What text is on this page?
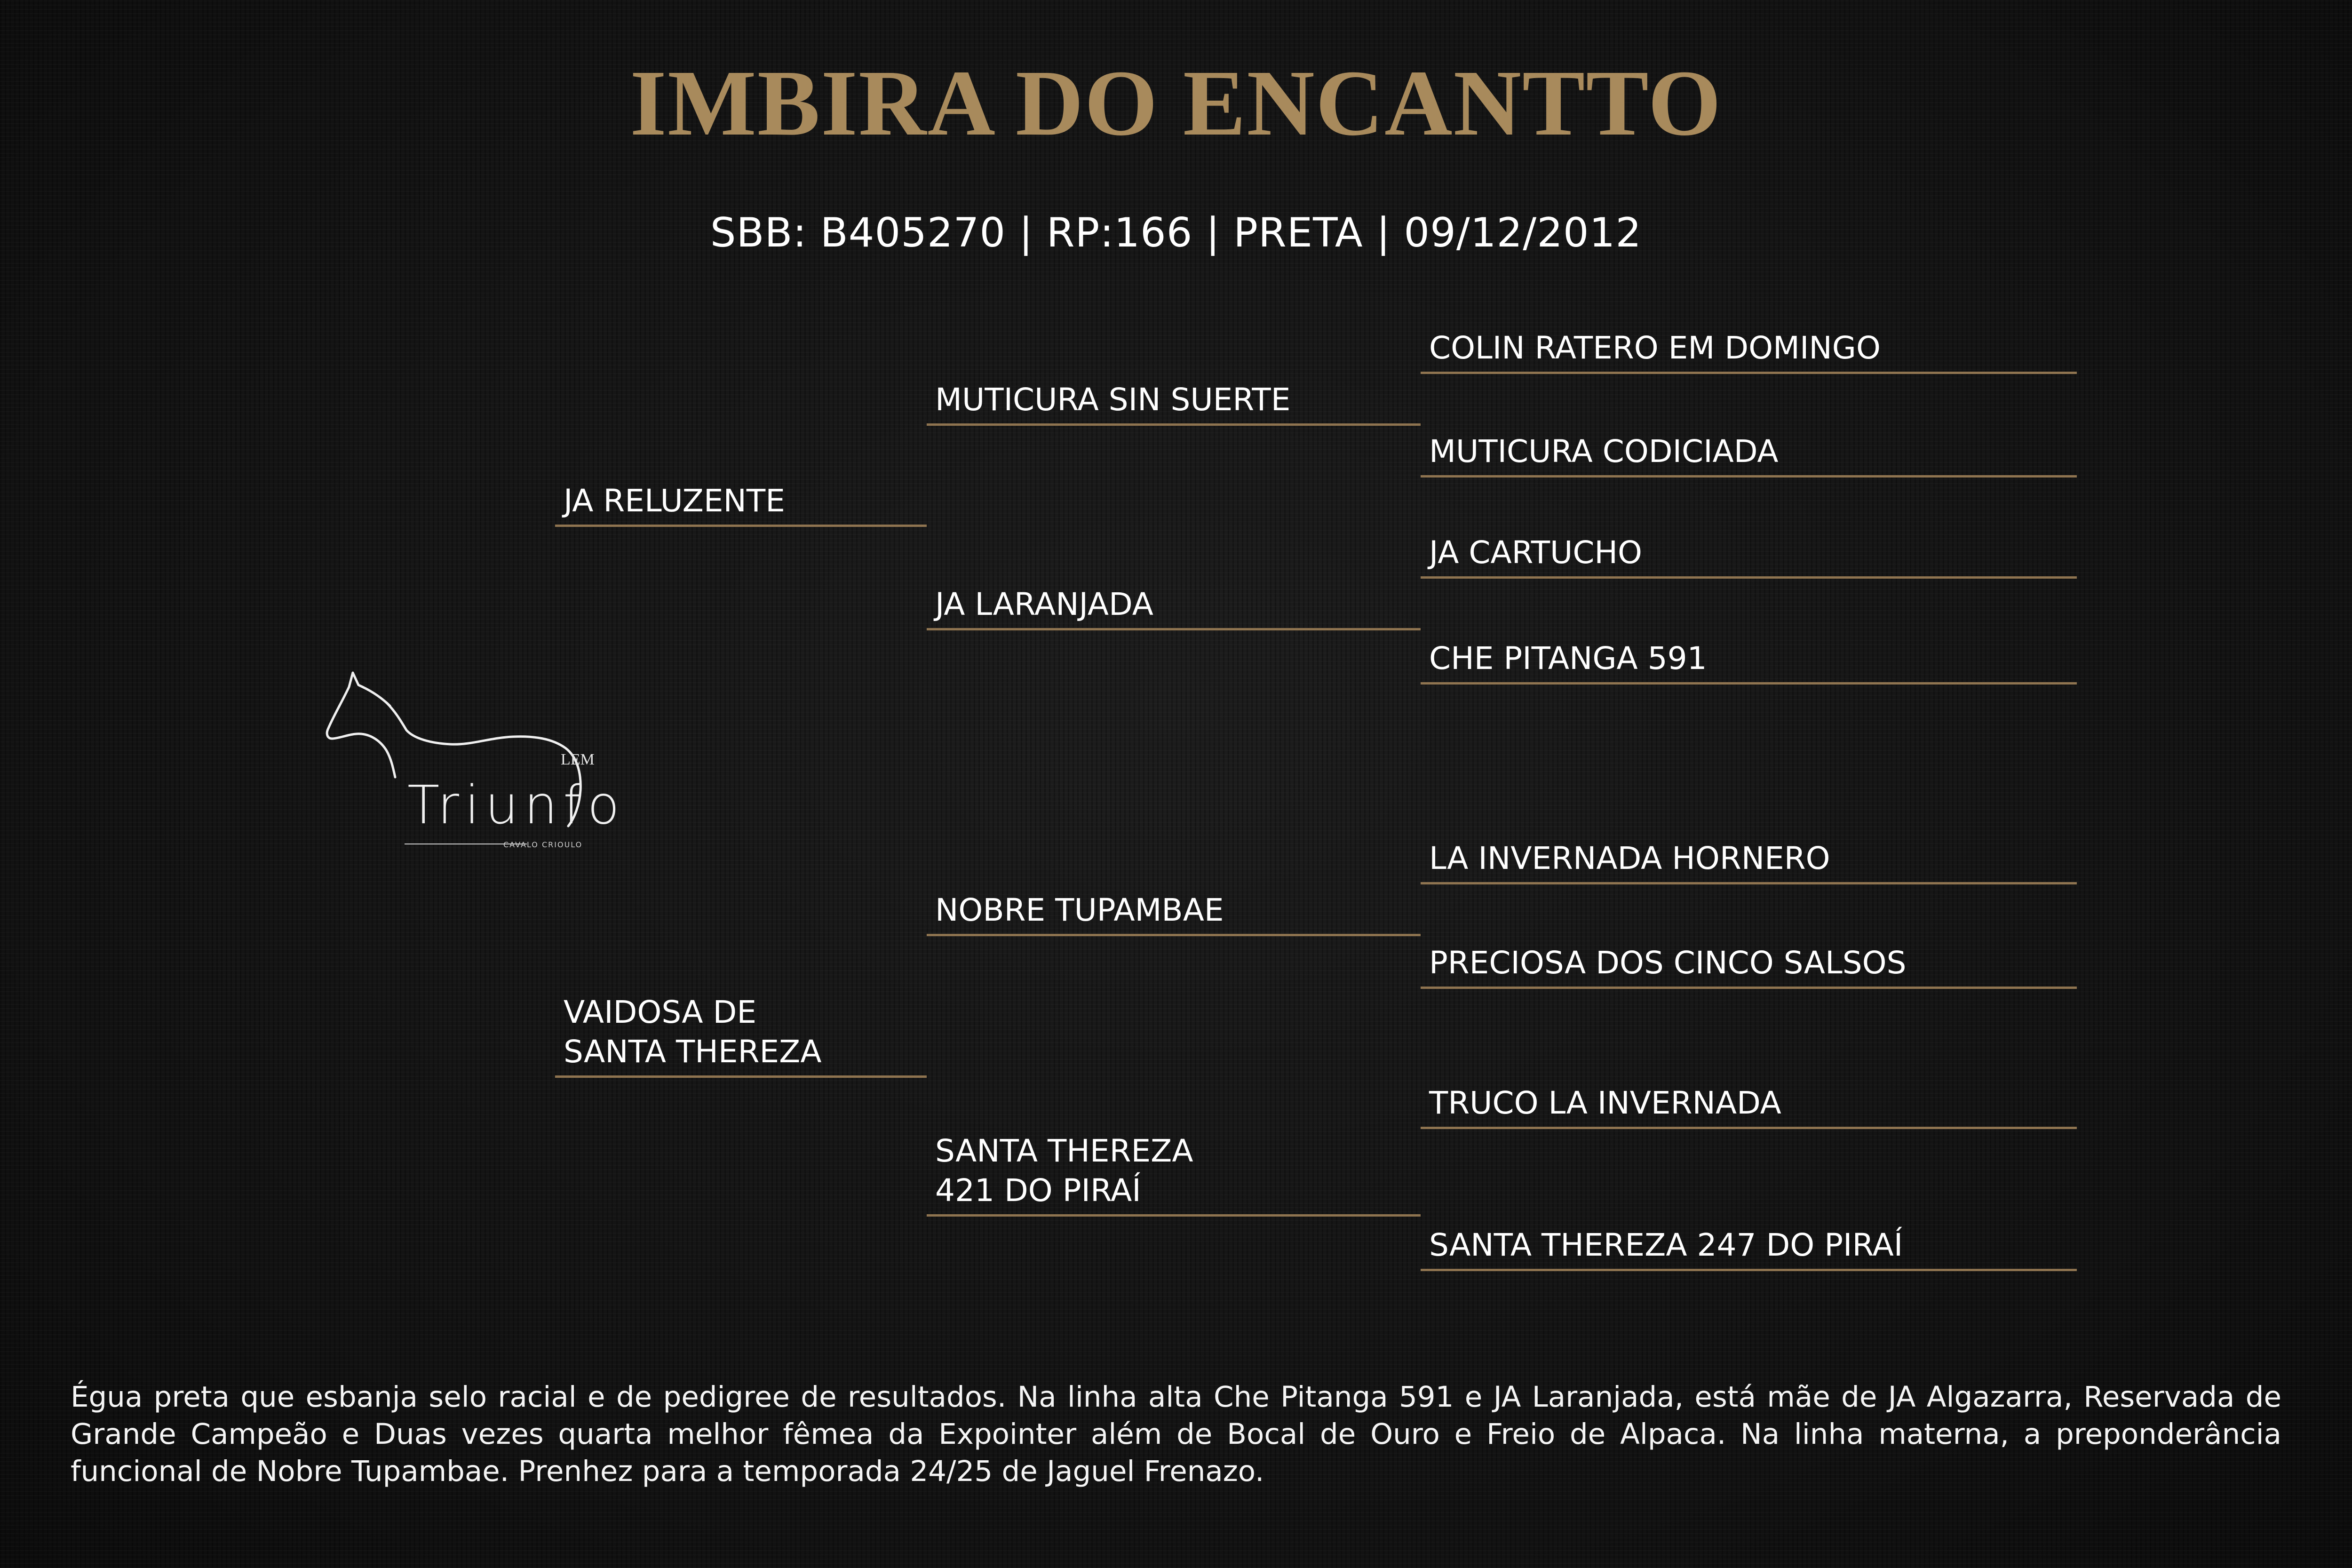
IMBIRA DO ENCANTTO
SBB: B405270 | RP:166 | PRETA | 09/12/2012
JA RELUZENTE
VAIDOSA DE
SANTA THEREZA
MUTICURA SIN SUERTE
JA LARANJADA
NOBRE TUPAMBAE
SANTA THEREZA
421 DO PIRAÍ
COLIN RATERO EM DOMINGO
MUTICURA CODICIADA
JA CARTUCHO
CHE PITANGA 591
LA INVERNADA HORNERO
PRECIOSA DOS CINCO SALSOS
TRUCO LA INVERNADA
SANTA THEREZA 247 DO PIRAÍ
LEM
Triunfo
CAVALO CRIOULO
Égua preta que esbanja selo racial e de pedigree de resultados. Na linha alta Che Pitanga 591 e JA Laranjada, está mãe de JA Algazarra, Reservada de Grande Campeão e Duas vezes quarta melhor fêmea da Expointer além de Bocal de Ouro e Freio de Alpaca. Na linha materna, a preponderância funcional de Nobre Tupambae. Prenhez para a temporada 24/25 de Jaguel Frenazo.
